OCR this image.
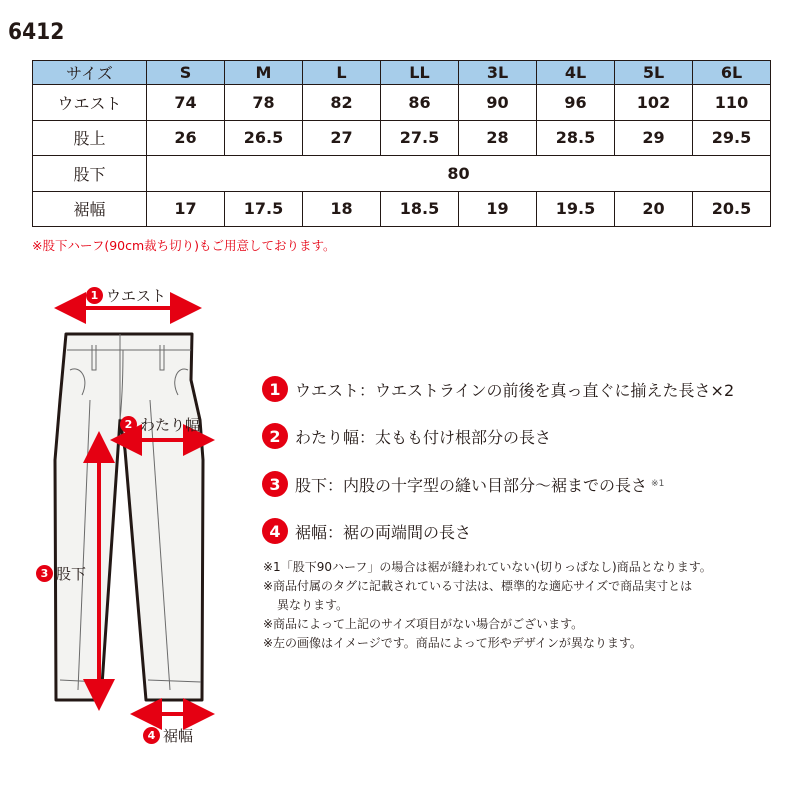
6412
サイズ	S	M	L	LL	3L	4L	5L	6L
ウエスト	74	78	82	86	90	96	102	110
股上	26	26.5	27	27.5	28	28.5	29	29.5
股下	80							
裾幅	17	17.5	18	18.5	19	19.5	20	20.5
※股下ハーフ(90cm裁ち切り)もご用意しております。
1 ウエスト
2 わたり幅
3 股下
4 裾幅
1 ウエスト ：ウエストラインの前後を真っ直ぐに揃えた長さ×2
2 わたり幅 ：太もも付け根部分の長さ
3 股下 ：内股の十字型の縫い目部分〜裾までの長さ ※1
4 裾幅 ：裾の両端間の長さ
※1「股下90ハーフ」の場合は裾が縫われていない(切りっぱなし)商品となります。
※商品付属のタグに記載されている寸法は、標準的な適応サイズで商品実寸とは
異なります。
※商品によって上記のサイズ項目がない場合がございます。
※左の画像はイメージです。商品によって形やデザインが異なります。
